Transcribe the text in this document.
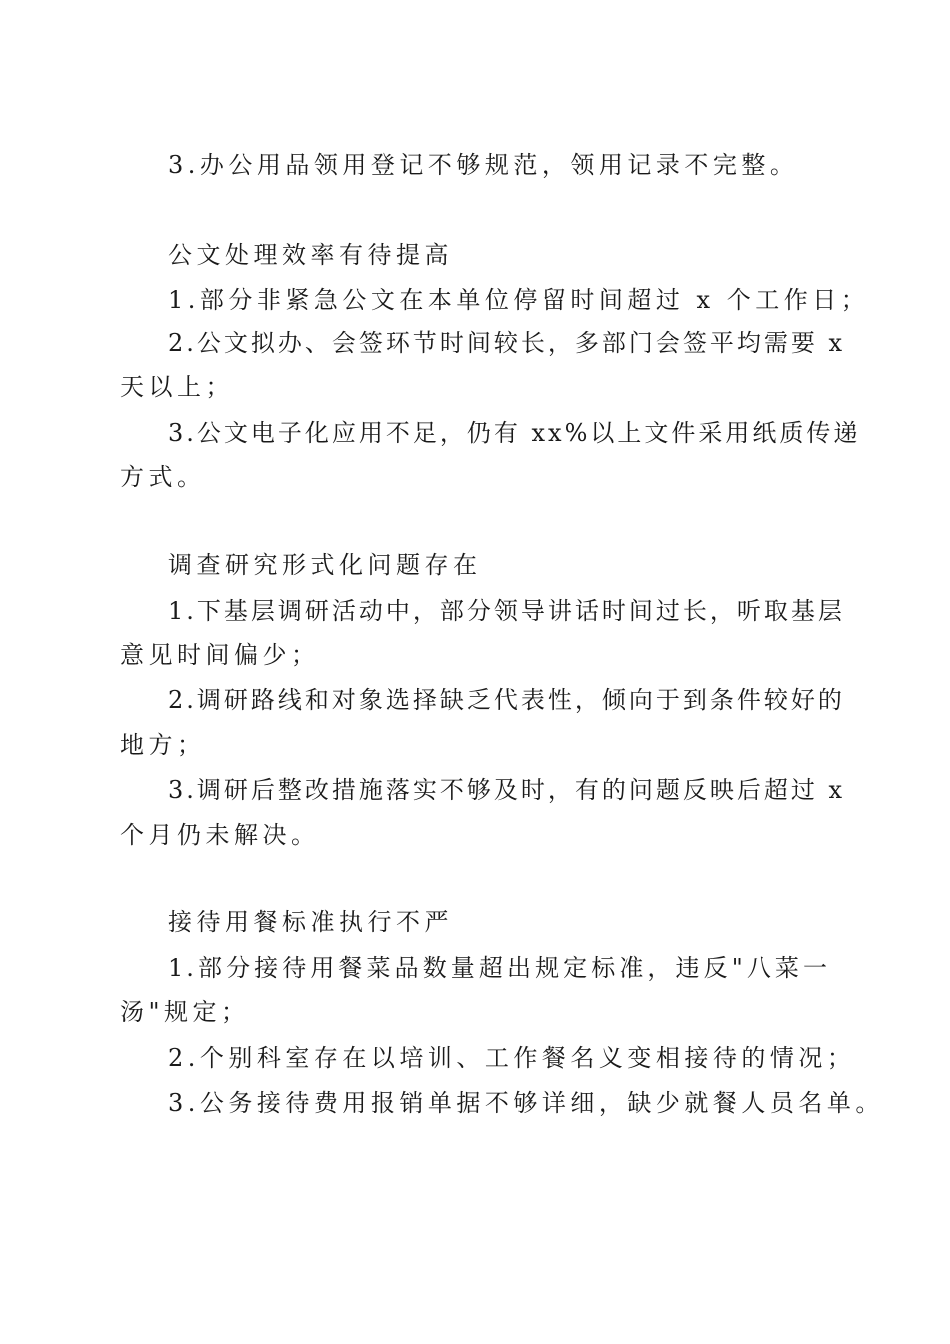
3.办公用品领用登记不够规范，领用记录不完整。
公文处理效率有待提高
1.部分非紧急公文在本单位停留时间超过 x 个工作日；
2.公文拟办、会签环节时间较长，多部门会签平均需要 x
天以上；
3.公文电子化应用不足，仍有 xx%以上文件采用纸质传递
方式。
调查研究形式化问题存在
1.下基层调研活动中，部分领导讲话时间过长，听取基层
意见时间偏少；
2.调研路线和对象选择缺乏代表性，倾向于到条件较好的
地方；
3.调研后整改措施落实不够及时，有的问题反映后超过 x
个月仍未解决。
接待用餐标准执行不严
1.部分接待用餐菜品数量超出规定标准，违反"八菜一
汤"规定；
2.个别科室存在以培训、工作餐名义变相接待的情况；
3.公务接待费用报销单据不够详细，缺少就餐人员名单。
